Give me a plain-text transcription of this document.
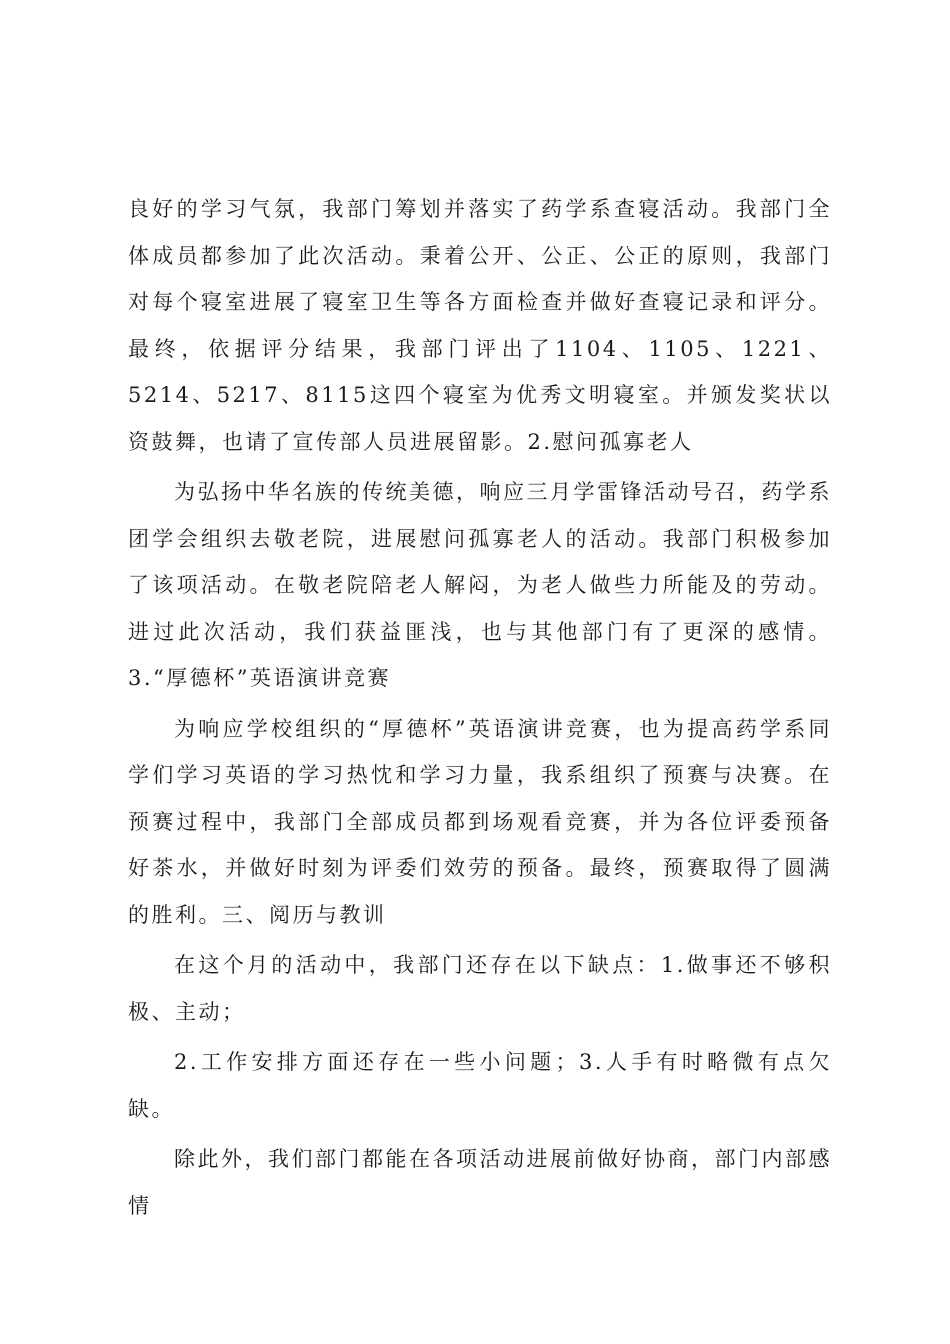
良好的学习气氛，我部门筹划并落实了药学系查寝活动。我部门全体成员都参加了此次活动。秉着公开、公正、公正的原则，我部门对每个寝室进展了寝室卫生等各方面检查并做好查寝记录和评分。最终，依据评分结果，我部门评出了1104、1105、1221、5214、5217、8115这四个寝室为优秀文明寝室。并颁发奖状以资鼓舞，也请了宣传部人员进展留影。2.慰问孤寡老人

为弘扬中华名族的传统美德，响应三月学雷锋活动号召，药学系团学会组织去敬老院，进展慰问孤寡老人的活动。我部门积极参加了该项活动。在敬老院陪老人解闷，为老人做些力所能及的劳动。进过此次活动，我们获益匪浅，也与其他部门有了更深的感情。3.“厚德杯”英语演讲竞赛

为响应学校组织的“厚德杯”英语演讲竞赛，也为提高药学系同学们学习英语的学习热忱和学习力量，我系组织了预赛与决赛。在预赛过程中，我部门全部成员都到场观看竞赛，并为各位评委预备好茶水，并做好时刻为评委们效劳的预备。最终，预赛取得了圆满的胜利。三、阅历与教训

在这个月的活动中，我部门还存在以下缺点：1.做事还不够积极、主动；

2.工作安排方面还存在一些小问题；3.人手有时略微有点欠缺。

除此外，我们部门都能在各项活动进展前做好协商，部门内部感情
